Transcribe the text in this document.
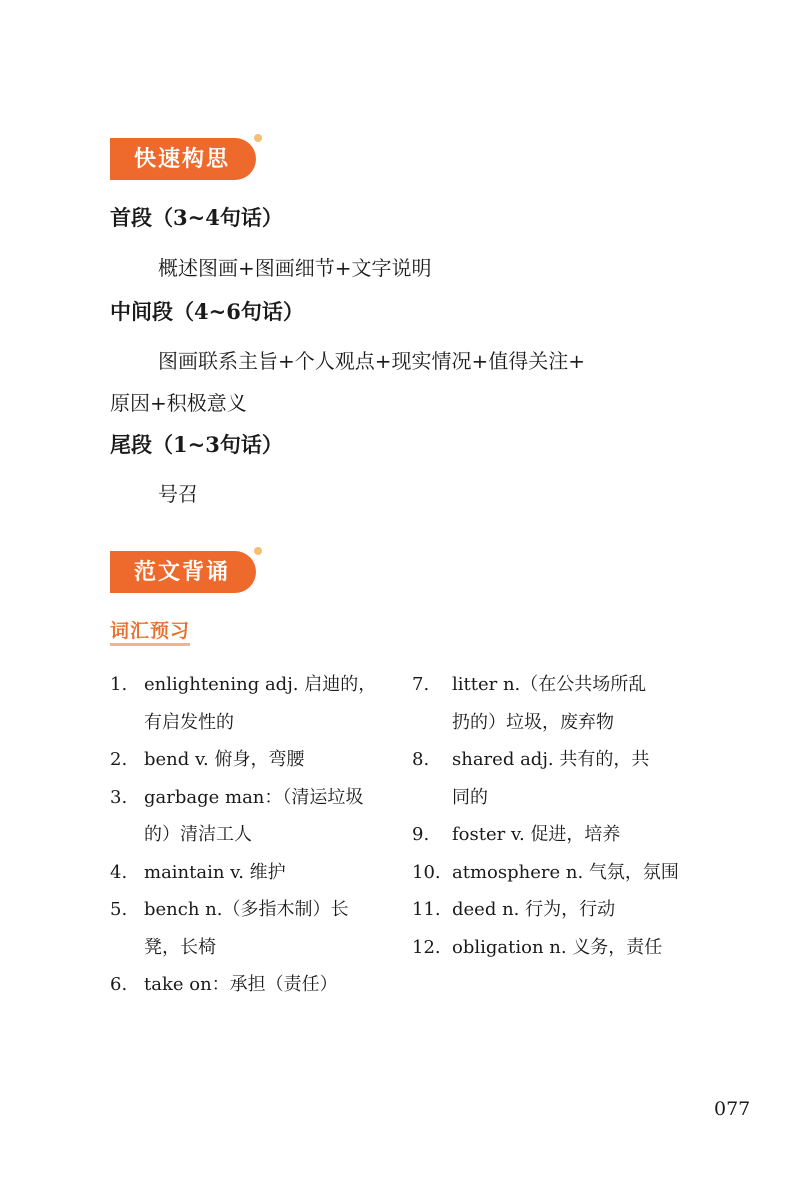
快速构思
首段（3~4句话）
概述图画+图画细节+文字说明
中间段（4~6句话）
图画联系主旨+个人观点+现实情况+值得关注+
原因+积极意义
尾段（1~3句话）
号召
范文背诵
词汇预习
1. enlightening adj. 启迪的，
有启发性的
2. bend v. 俯身，弯腰
3. garbage man：（清运垃圾
的）清洁工人
4. maintain v. 维护
5. bench n.（多指木制）长
凳，长椅
6. take on：承担（责任）
7.	litter n.（在公共场所乱
扔的）垃圾，废弃物
8.	shared adj. 共有的，共
同的
9.	foster v. 促进，培养
10. atmosphere n. 气氛，氛围
11. deed n. 行为，行动
12. obligation n. 义务，责任
077
